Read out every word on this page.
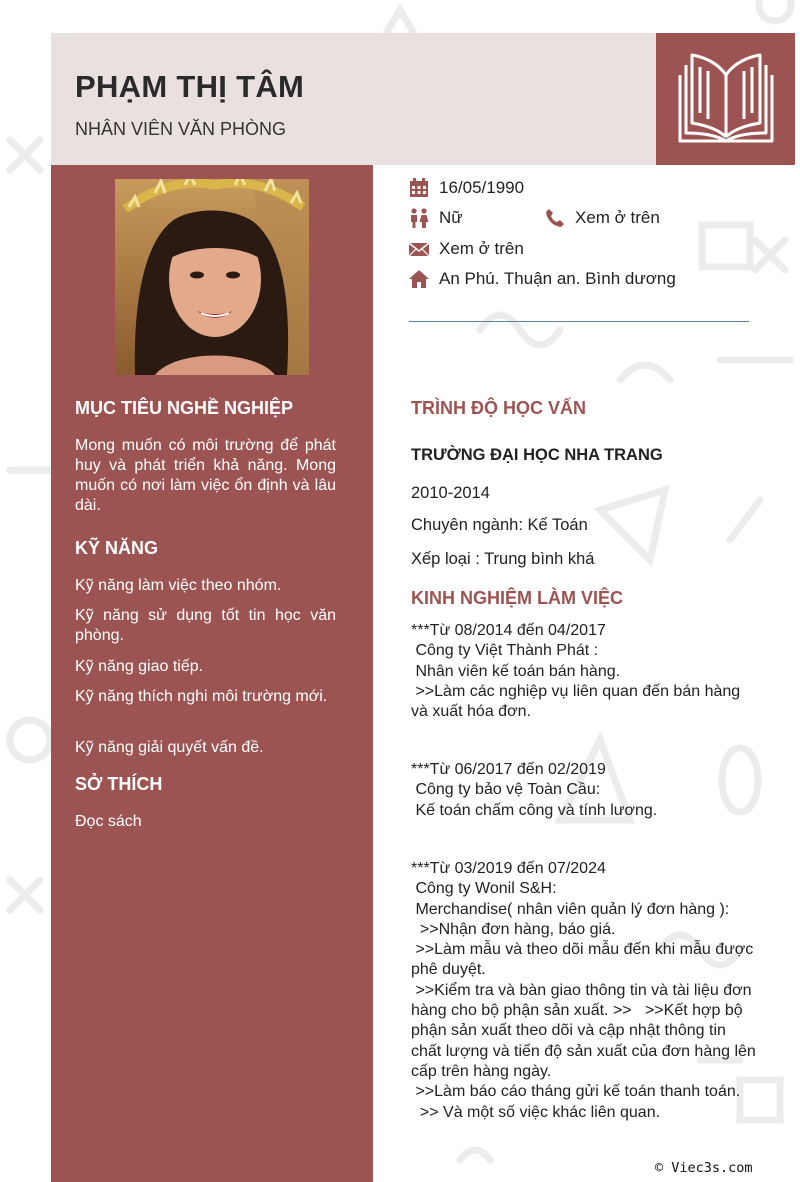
PHẠM THỊ TÂM
NHÂN VIÊN VĂN PHÒNG
MỤC TIÊU NGHỀ NGHIỆP
Mong muốn có môi trường để phát huy và phát triển khả năng. Mong muốn có nơi làm việc ổn định và lâu dài.
KỸ NĂNG
Kỹ năng làm việc theo nhóm.
Kỹ năng sử dụng tốt tin học văn phòng.
Kỹ năng giao tiếp.
Kỹ năng thích nghi môi trường mới.
Kỹ năng giải quyết vấn đề.
SỞ THÍCH
Đọc sách
16/05/1990
Nữ	Xem ở trên
Xem ở trên
An Phú. Thuận an. Bình dương
TRÌNH ĐỘ HỌC VẤN
TRƯỜNG ĐẠI HỌC NHA TRANG
2010-2014
Chuyên ngành: Kế Toán
Xếp loại : Trung bình khá
KINH NGHIỆM LÀM VIỆC
***Từ 08/2014 đến 04/2017
Công ty Việt Thành Phát :
Nhân viên kế toán bán hàng.
>>Làm các nghiệp vụ liên quan đến bán hàng và xuất hóa đơn.
***Từ 06/2017 đến 02/2019
Công ty bảo vệ Toàn Cầu:
Kế toán chấm công và tính lương.
***Từ 03/2019 đến 07/2024
Công ty Wonil S&H:
Merchandise( nhân viên quản lý đơn hàng ):
>>Nhận đơn hàng, báo giá.
>>Làm mẫu và theo dõi mẫu đến khi mẫu được phê duyệt.
>>Kiểm tra và bàn giao thông tin và tài liệu đơn hàng cho bộ phận sản xuất. >>   >>Kết hợp bộ phận sản xuất theo dõi và cập nhật thông tin chất lượng và tiến độ sản xuất của đơn hàng lên cấp trên hàng ngày.
>>Làm báo cáo tháng gửi kế toán thanh toán.
>> Và một số việc khác liên quan.
© Viec3s.com
